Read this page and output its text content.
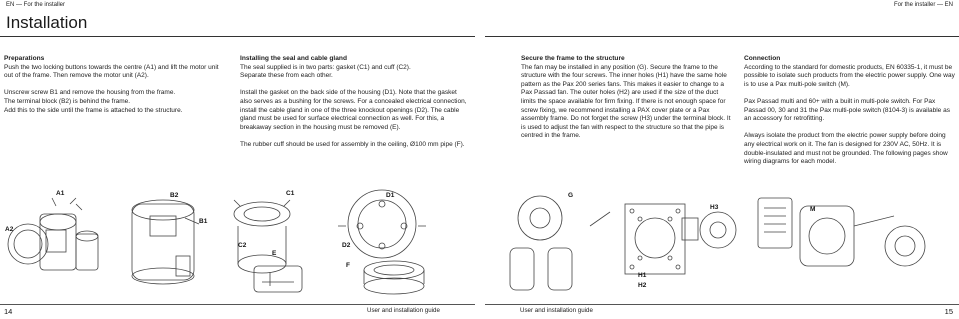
EN — For the installer	For the installer — EN
Installation
Preparations

Push the two locking buttons towards the centre (A1) and lift the motor unit out of the frame. Then remove the motor unit (A2).

Unscrew screw B1 and remove the housing from the frame.

The terminal block (B2) is behind the frame.

Add this to the side until the frame is attached to the structure.

Installing the seal and cable gland

The seal supplied is in two parts: gasket (C1) and cuff (C2).

Separate these from each other.

Install the gasket on the back side of the housing (D1). Note that the gasket also serves as a bushing for the screws. For a concealed electrical connection, install the cable gland in one of the three knockout openings (D2). The cable gland must be used for surface electrical connection as well. For this, a breakaway section in the housing must be removed (E).

The rubber cuff should be used for assembly in the ceiling, Ø100 mm pipe (F).

Secure the frame to the structure

The fan may be installed in any position (G). Secure the frame to the structure with the four screws. The inner holes (H1) have the same hole pattern as the Pax 200 series fans. This makes it easier to change to a Pax Passad fan. The outer holes (H2) are used if the size of the duct limits the space available for firm fixing. If there is not enough space for screw fixing, we recommend installing a PAX cover plate or a Pax assembly frame. Do not forget the screw (H3) under the terminal block. It is used to adjust the fan with respect to the structure so that the pipe is centred in the frame.

Connection

According to the standard for domestic products, EN 60335-1, it must be possible to isolate such products from the electric power supply. One way is to use a Pax multi-pole switch (M).

Pax Passad multi and 60+ with a built in multi-pole switch. For Pax Passad 00, 30 and 31 the Pax multi-pole switch (8104-3) is available as an accessory for retrofitting.

Always isolate the product from the electric power supply before doing any electrical work on it. The fan is designed for 230V AC, 50Hz. It is double-insulated and must not be grounded. The following pages show wiring diagrams for each model.

A1
A2
B2
B1
C1
C2
D1
D2
E
F
G
H3
H1
H2
M
14	User and installation guide	User and installation guide	15
